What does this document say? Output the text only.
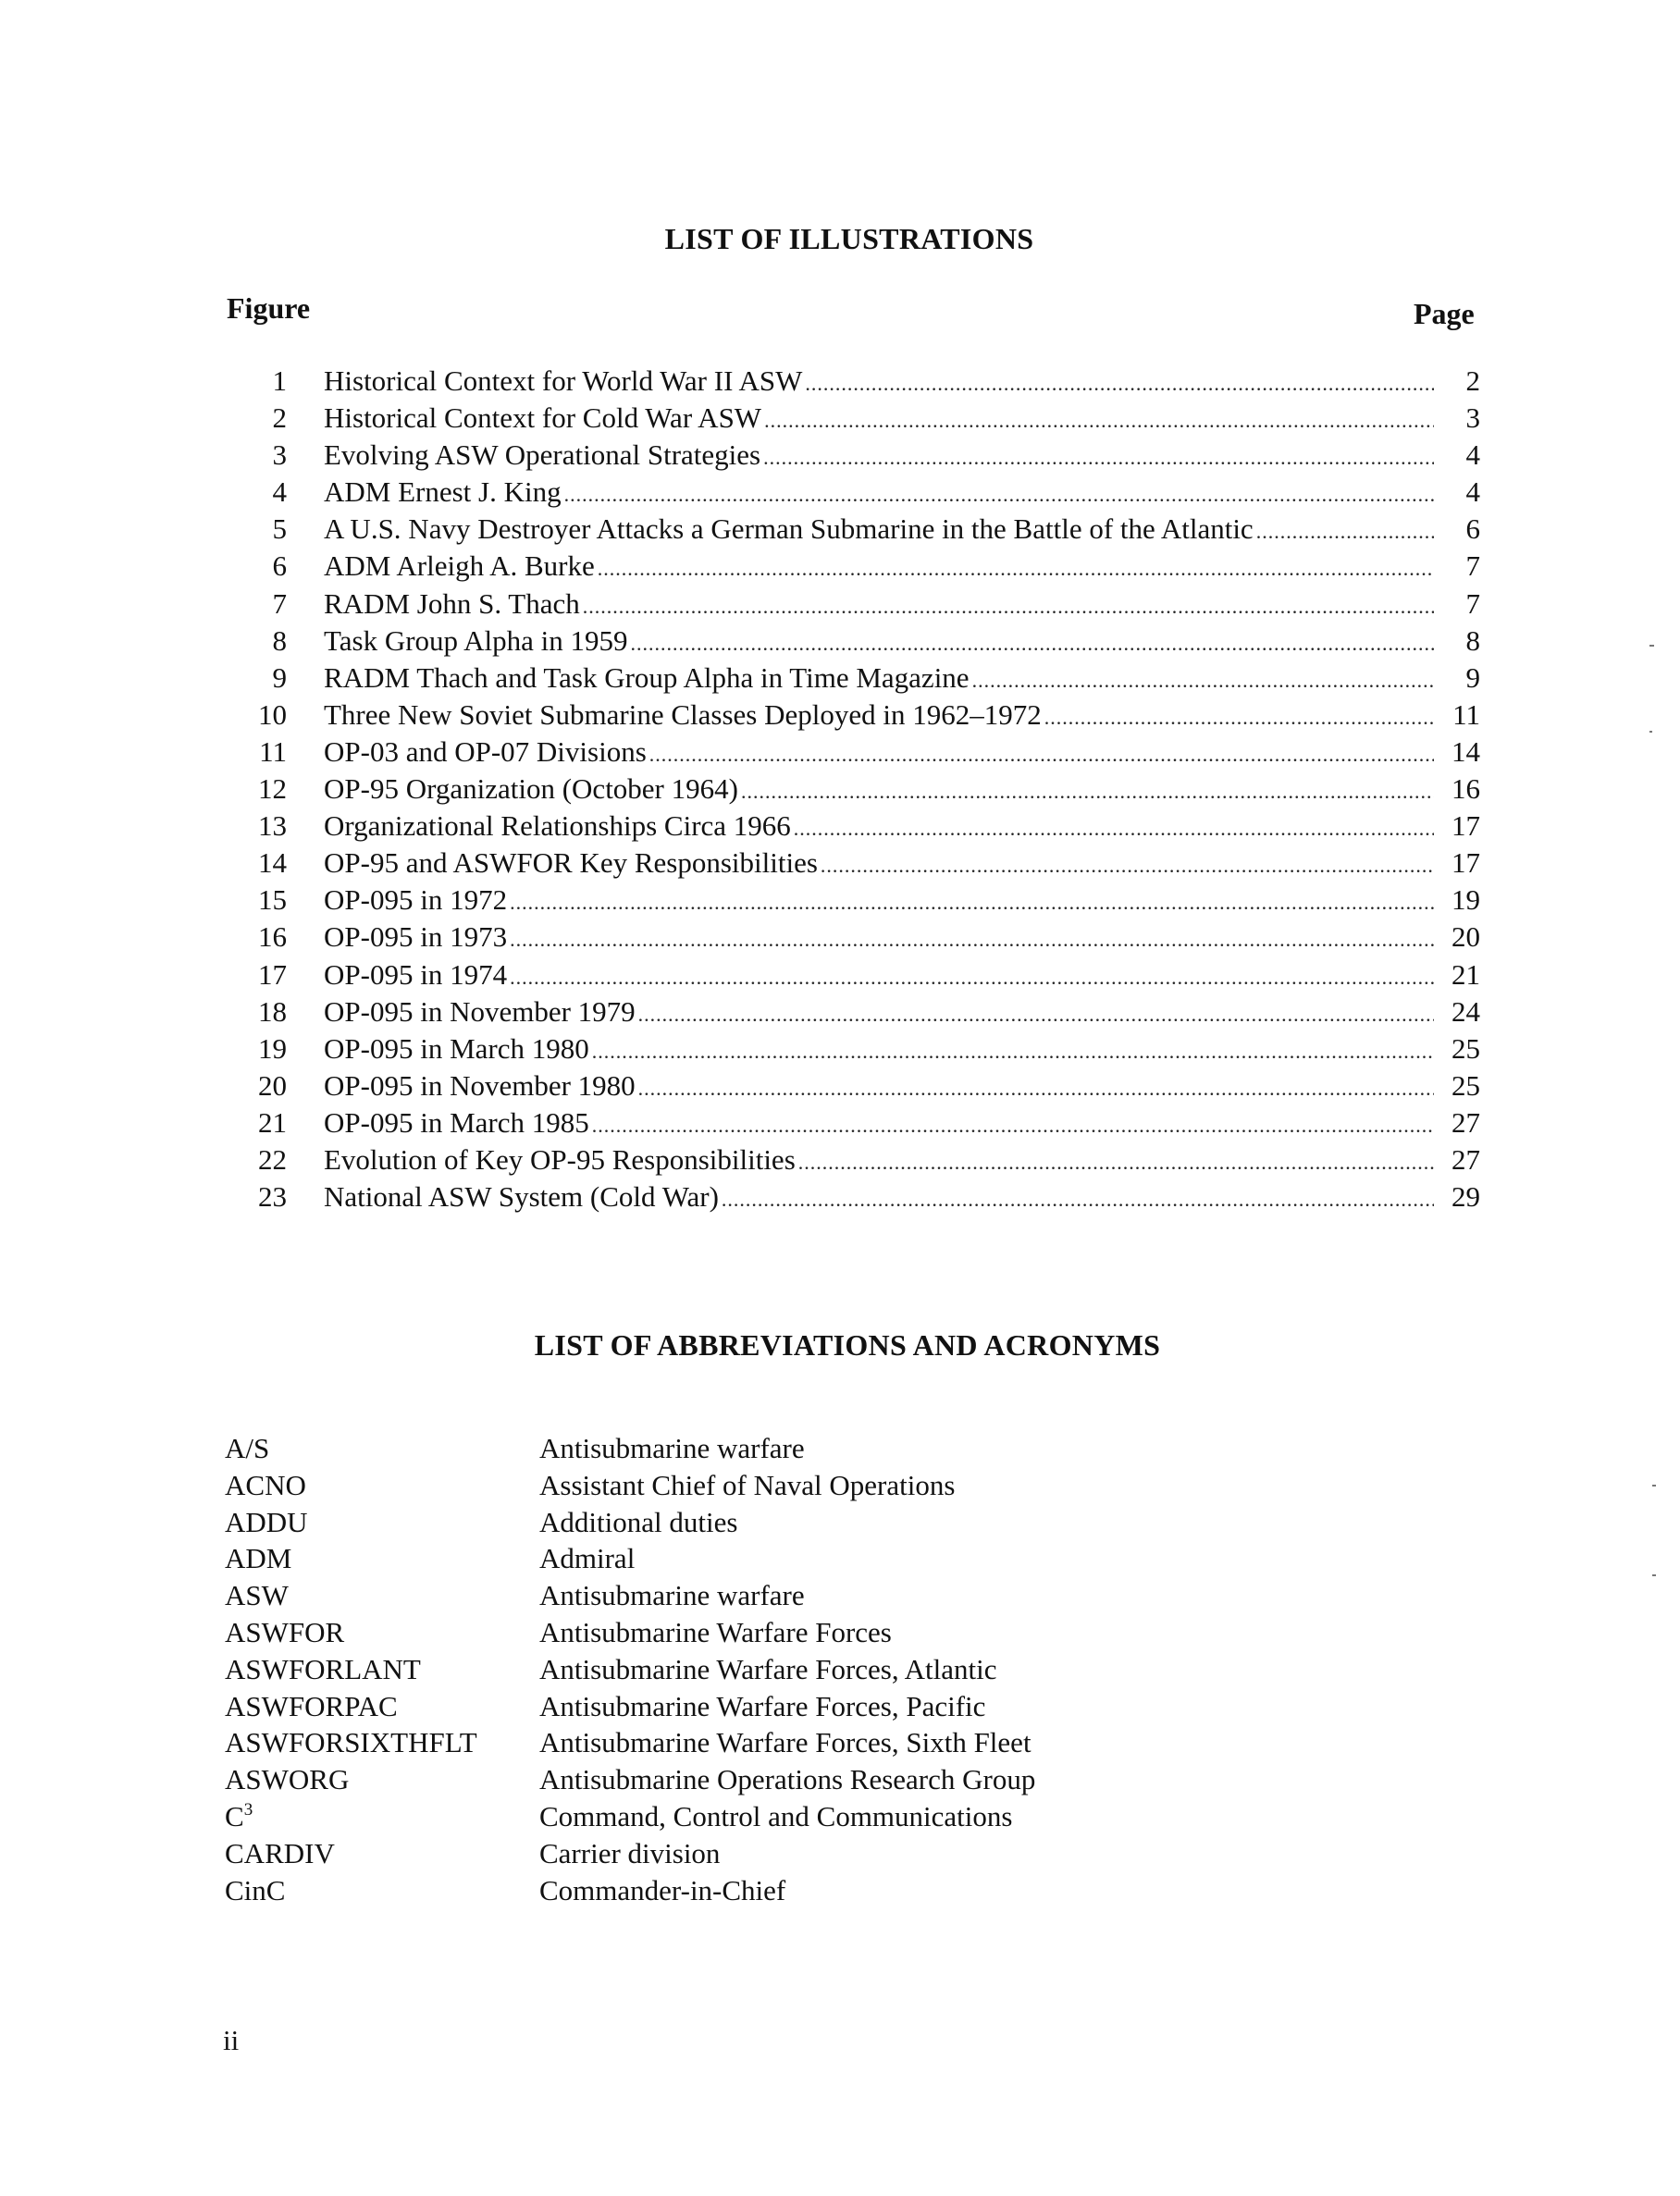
LIST OF ILLUSTRATIONS
Figure	Page
1 Historical Context for World War II ASW .....	2
2 Historical Context for Cold War ASW .....	3
3 Evolving ASW Operational Strategies .....	4
4 ADM Ernest J. King .....	4
5 A U.S. Navy Destroyer Attacks a German Submarine in the Battle of the Atlantic .....	6
6 ADM Arleigh A. Burke .....	7
7 RADM John S. Thach .....	7
8 Task Group Alpha in 1959 .....	8
9 RADM Thach and Task Group Alpha in Time Magazine .....	9
10 Three New Soviet Submarine Classes Deployed in 1962–1972 .....	11
11 OP-03 and OP-07 Divisions .....	14
12 OP-95 Organization (October 1964) .....	16
13 Organizational Relationships Circa 1966 .....	17
14 OP-95 and ASWFOR Key Responsibilities .....	17
15 OP-095 in 1972 .....	19
16 OP-095 in 1973 .....	20
17 OP-095 in 1974 .....	21
18 OP-095 in November 1979 .....	24
19 OP-095 in March 1980 .....	25
20 OP-095 in November 1980 .....	25
21 OP-095 in March 1985 .....	27
22 Evolution of Key OP-95 Responsibilities .....	27
23 National ASW System (Cold War) .....	29
LIST OF ABBREVIATIONS AND ACRONYMS
A/S	Antisubmarine warfare
ACNO	Assistant Chief of Naval Operations
ADDU	Additional duties
ADM	Admiral
ASW	Antisubmarine warfare
ASWFOR	Antisubmarine Warfare Forces
ASWFORLANT	Antisubmarine Warfare Forces, Atlantic
ASWFORPAC	Antisubmarine Warfare Forces, Pacific
ASWFORSIXTHFLT Antisubmarine Warfare Forces, Sixth Fleet
ASWORG	Antisubmarine Operations Research Group
$C^3$	Command, Control and Communications
CARDIV	Carrier division
CinC	Commander-in-Chief
ii
